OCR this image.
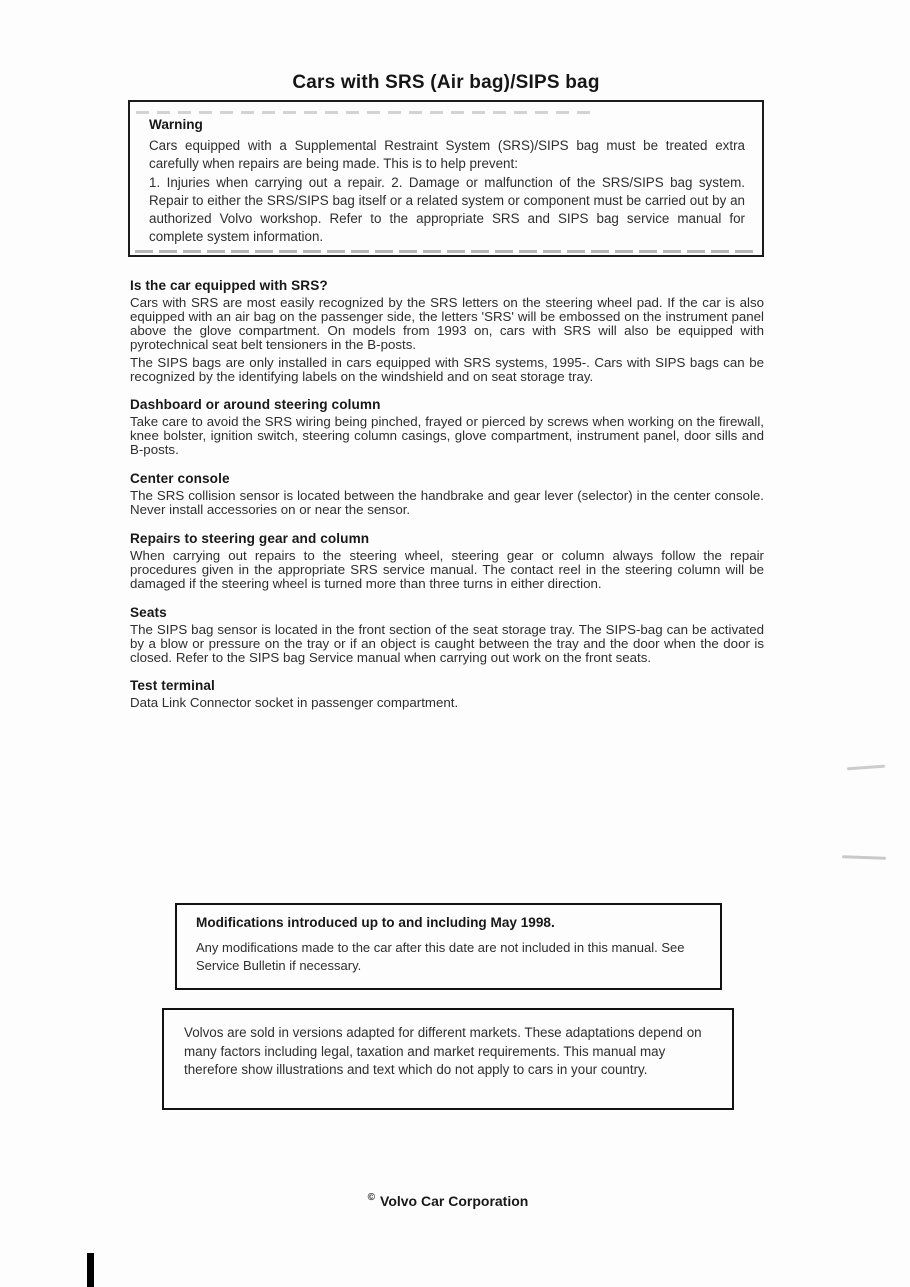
Cars with SRS (Air bag)/SIPS bag
Warning

Cars equipped with a Supplemental Restraint System (SRS)/SIPS bag must be treated extra carefully when repairs are being made. This is to help prevent:

1. Injuries when carrying out a repair. 2. Damage or malfunction of the SRS/SIPS bag system. Repair to either the SRS/SIPS bag itself or a related system or component must be carried out by an authorized Volvo workshop. Refer to the appropriate SRS and SIPS bag service manual for complete system information.

Is the car equipped with SRS?

Cars with SRS are most easily recognized by the SRS letters on the steering wheel pad. If the car is also equipped with an air bag on the passenger side, the letters 'SRS' will be embossed on the instrument panel above the glove compartment. On models from 1993 on, cars with SRS will also be equipped with pyrotechnical seat belt tensioners in the B-posts.

The SIPS bags are only installed in cars equipped with SRS systems, 1995-. Cars with SIPS bags can be recognized by the identifying labels on the windshield and on seat storage tray.

Dashboard or around steering column

Take care to avoid the SRS wiring being pinched, frayed or pierced by screws when working on the firewall, knee bolster, ignition switch, steering column casings, glove compartment, instrument panel, door sills and B-posts.

Center console

The SRS collision sensor is located between the handbrake and gear lever (selector) in the center console. Never install accessories on or near the sensor.

Repairs to steering gear and column

When carrying out repairs to the steering wheel, steering gear or column always follow the repair procedures given in the appropriate SRS service manual. The contact reel in the steering column will be damaged if the steering wheel is turned more than three turns in either direction.

Seats

The SIPS bag sensor is located in the front section of the seat storage tray. The SIPS-bag can be activated by a blow or pressure on the tray or if an object is caught between the tray and the door when the door is closed. Refer to the SIPS bag Service manual when carrying out work on the front seats.

Test terminal

Data Link Connector socket in passenger compartment.

Modifications introduced up to and including May 1998.

Any modifications made to the car after this date are not included in this manual. See Service Bulletin if necessary.

Volvos are sold in versions adapted for different markets. These adaptations depend on many factors including legal, taxation and market requirements. This manual may therefore show illustrations and text which do not apply to cars in your country.

© Volvo Car Corporation
